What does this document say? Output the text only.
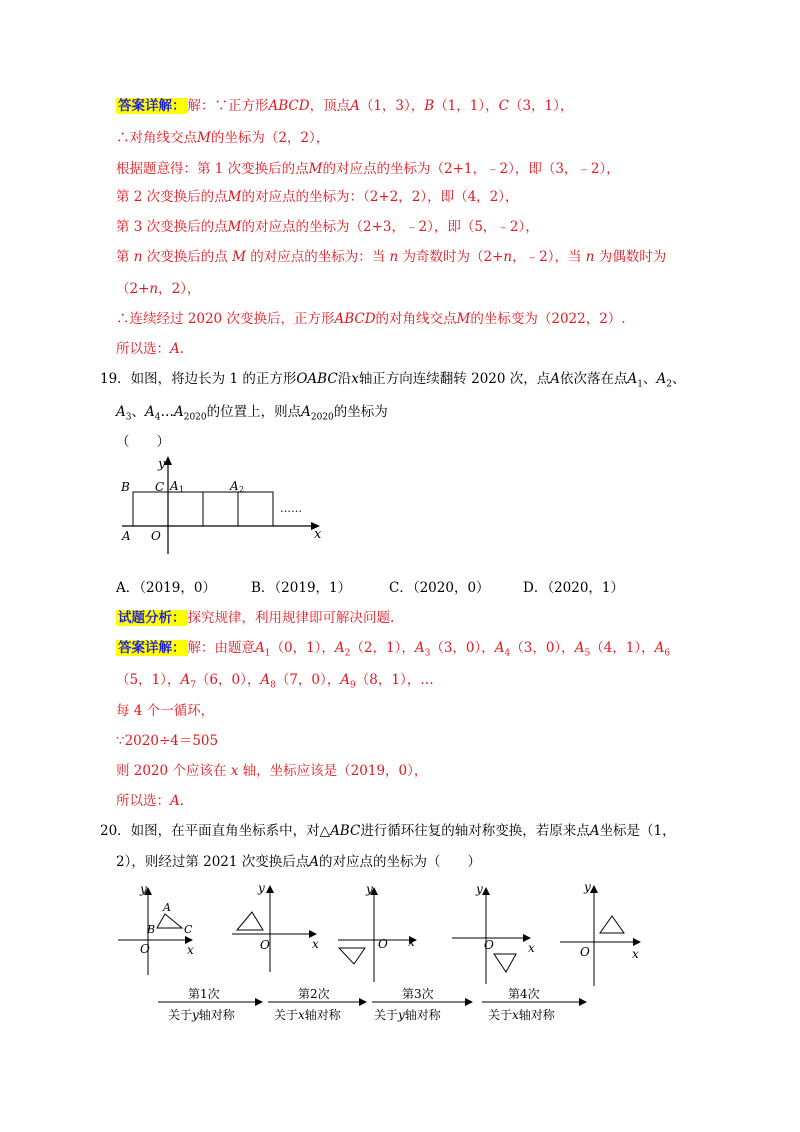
答案详解： 解：∵正方形ABCD，顶点A（1，3），B（1，1），C（3，1），
∴对角线交点M的坐标为（2，2），
根据题意得：第 1 次变换后的点M的对应点的坐标为（2+1，﹣2），即（3，﹣2），
第 2 次变换后的点M的对应点的坐标为：（2+2，2），即（4，2），
第 3 次变换后的点M的对应点的坐标为（2+3，﹣2），即（5，﹣2），
第 n 次变换后的点 M 的对应点的坐标为：当 n 为奇数时为（2+n，﹣2），当 n 为偶数时为
（2+n，2），
∴连续经过 2020 次变换后，正方形ABCD的对角线交点M的坐标变为（2022，2）.
所以选：A.
19．如图，将边长为 1 的正方形OABC沿x轴正方向连续翻转 2020 次，点A依次落在点$A_1$、$A_2$、
$A_3$、$A_4\dots A_{2020}$的位置上，则点$A_{2020}$的坐标为
（　　）
y
x
B C A 1	A 2
……
A O
A．（2019，0）	B．（2019，1）	C．（2020，0）	D．（2020，1）
试题分析： 探究规律，利用规律即可解决问题.
答案详解： 解：由题意$A_1(0$，1），$A_2(2$，1），$A_3(3$，0），$A_4(3$，0），$A_5(4$，1），$A_6$
（5，1），$A_7(6$，0），$A_8(7$，0），$A_9(8$，1），…
每 4 个一循环，
∵2020÷4＝505
则 2020 个应该在 x 轴，坐标应该是（2019，0），
所以选：A.
20．如图，在平面直角坐标系中，对△ABC进行循环往复的轴对称变换，若原来点A坐标是（1，
2），则经过第 2021 次变换后点A的对应点的坐标为（　　）
y
x
O
A
B	C
y
x
O
y
x
O
y
x
O
y
x
O
第1次
关于y轴对称
第2次
关于x轴对称
第3次
关于y轴对称
第4次
关于x轴对称
